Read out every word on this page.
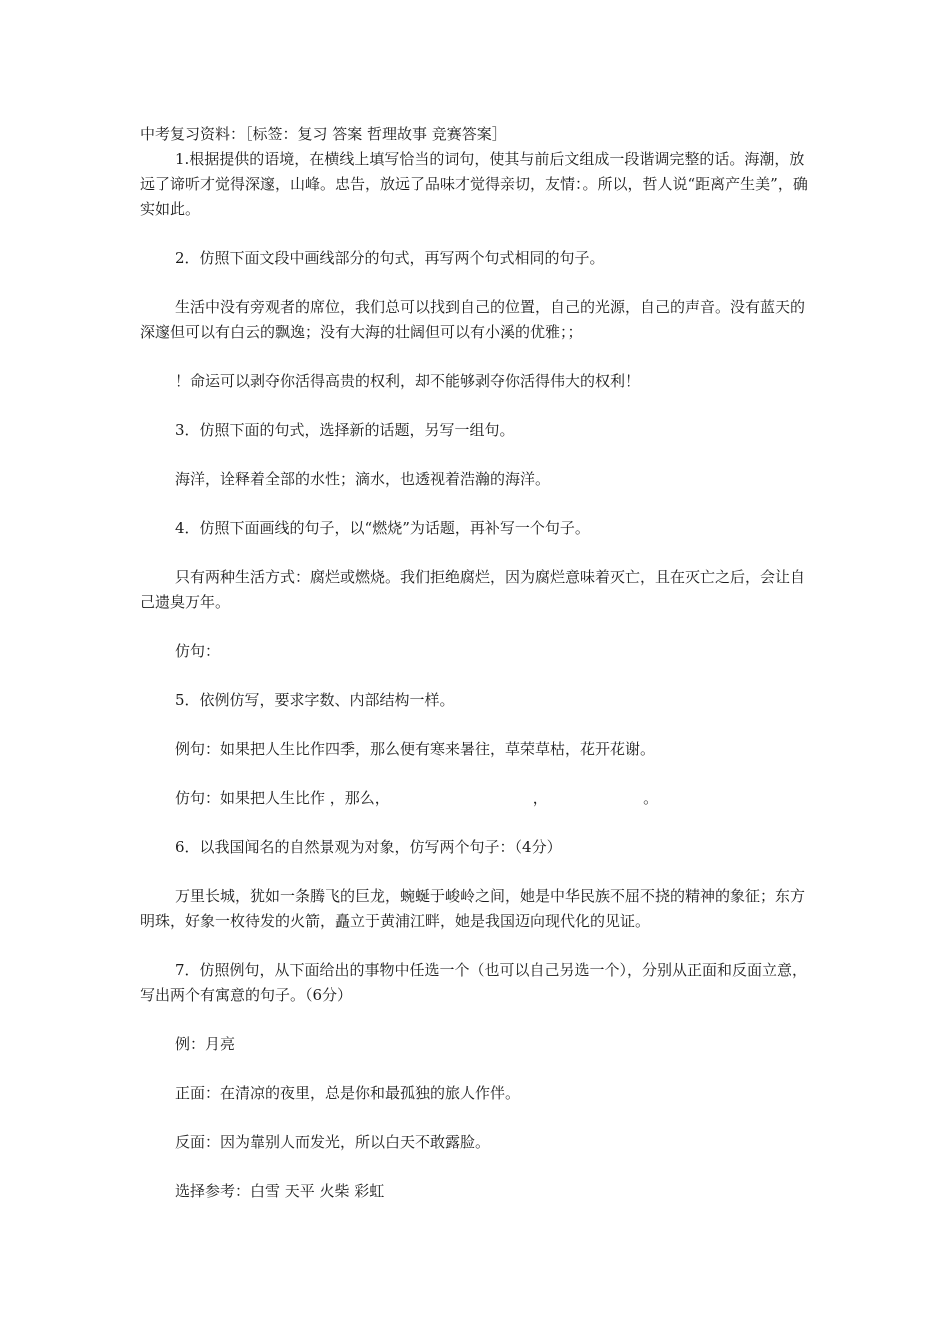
中考复习资料：［标签：复习 答案 哲理故事 竞赛答案］

1.根据提供的语境，在横线上填写恰当的词句，使其与前后文组成一段谐调完整的话。海潮，放远了谛听才觉得深邃，山峰。忠告，放远了品味才觉得亲切，友情：。所以，哲人说“距离产生美”，确实如此。

2．仿照下面文段中画线部分的句式，再写两个句式相同的句子。

生活中没有旁观者的席位，我们总可以找到自己的位置，自己的光源，自己的声音。没有蓝天的深邃但可以有白云的飘逸；没有大海的壮阔但可以有小溪的优雅；；

！命运可以剥夺你活得高贵的权利，却不能够剥夺你活得伟大的权利！

3．仿照下面的句式，选择新的话题，另写一组句。

海洋，诠释着全部的水性；滴水，也透视着浩瀚的海洋。

4．仿照下面画线的句子，以“燃烧”为话题，再补写一个句子。

只有两种生活方式：腐烂或燃烧。我们拒绝腐烂，因为腐烂意味着灭亡，且在灭亡之后，会让自己遗臭万年。

仿句：

5．依例仿写，要求字数、内部结构一样。

例句：如果把人生比作四季，那么便有寒来暑往，草荣草枯，花开花谢。

仿句：如果把人生比作 ，那么，                              ，                    。

6．以我国闻名的自然景观为对象，仿写两个句子：（4分）

万里长城，犹如一条腾飞的巨龙，蜿蜒于峻岭之间，她是中华民族不屈不挠的精神的象征；东方明珠，好象一枚待发的火箭，矗立于黄浦江畔，她是我国迈向现代化的见证。

7．仿照例句，从下面给出的事物中任选一个（也可以自己另选一个），分别从正面和反面立意，写出两个有寓意的句子。（6分）

例：月亮

正面：在清凉的夜里，总是你和最孤独的旅人作伴。

反面：因为靠别人而发光，所以白天不敢露脸。

选择参考：白雪 天平 火柴 彩虹
